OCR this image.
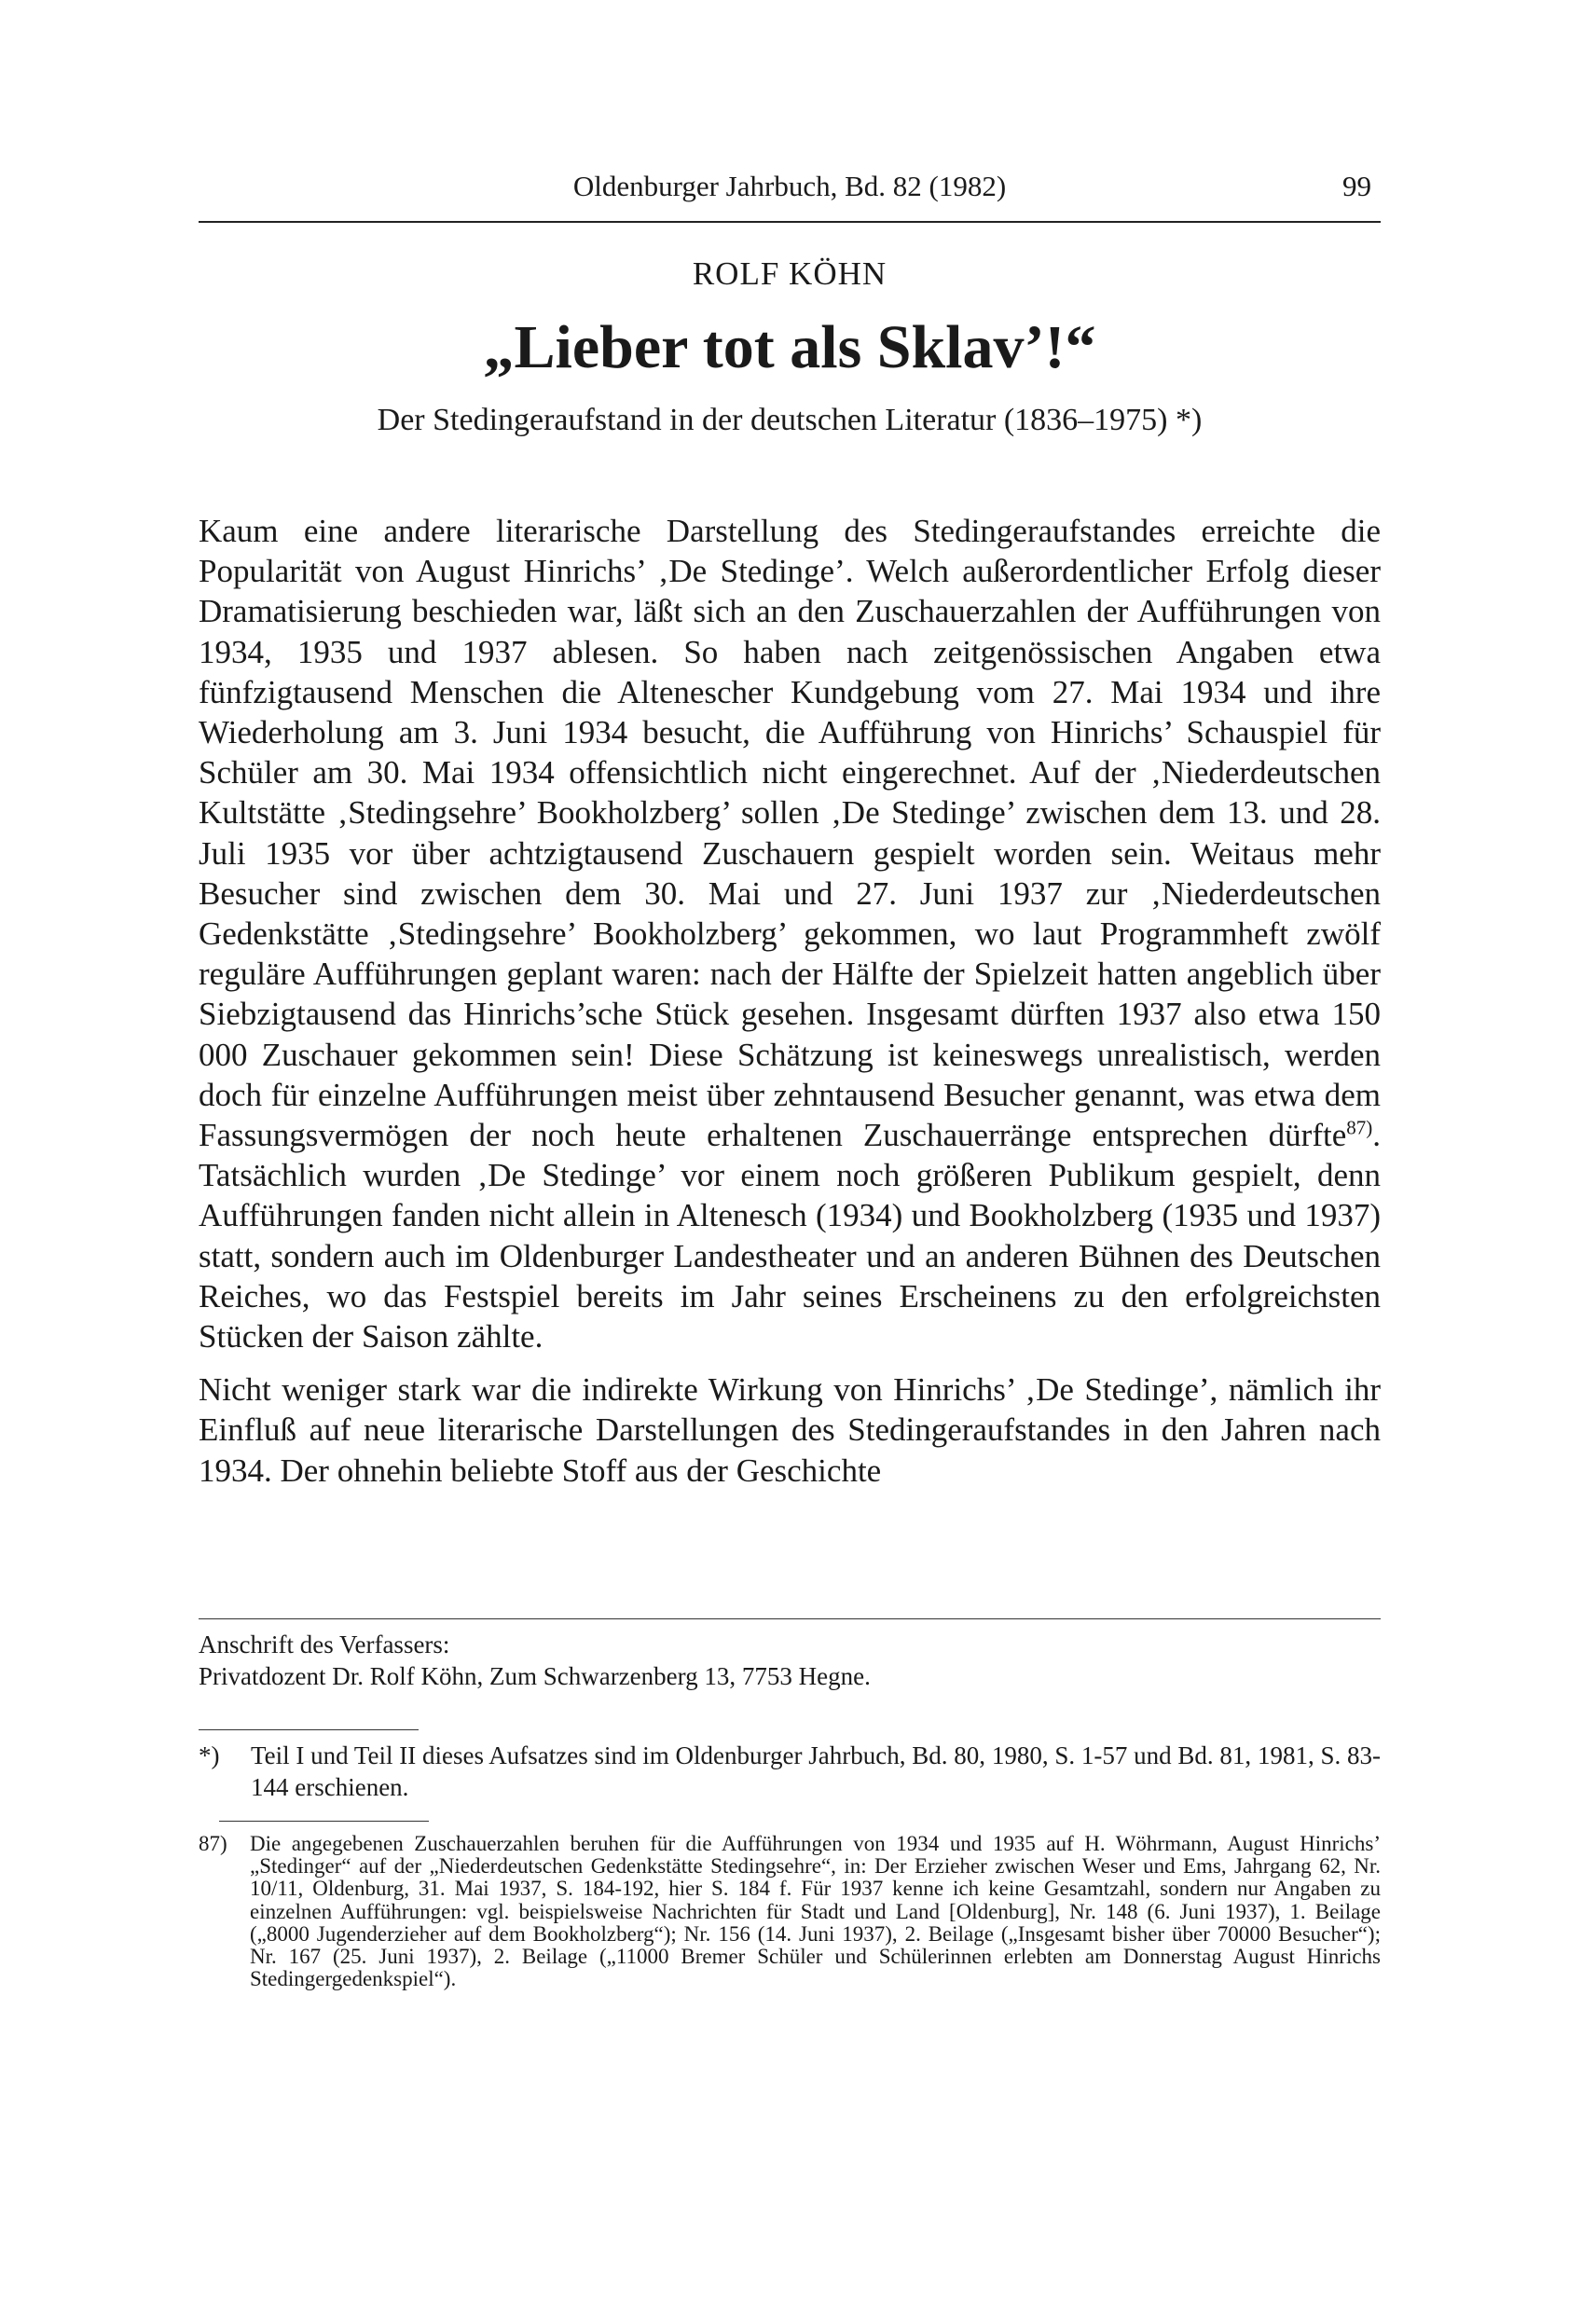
Oldenburger Jahrbuch, Bd. 82 (1982)	99
ROLF KÖHN
„Lieber tot als Sklav’!“
Der Stedingeraufstand in der deutschen Literatur (1836–1975) *)

Kaum eine andere literarische Darstellung des Stedingeraufstandes erreichte die Popularität von August Hinrichs’ ‚De Stedinge’. Welch außerordentlicher Erfolg dieser Dramatisierung beschieden war, läßt sich an den Zuschauerzahlen der Aufführungen von 1934, 1935 und 1937 ablesen. So haben nach zeitgenössischen Angaben etwa fünfzigtausend Menschen die Altenescher Kundgebung vom 27. Mai 1934 und ihre Wiederholung am 3. Juni 1934 besucht, die Aufführung von Hinrichs’ Schauspiel für Schüler am 30. Mai 1934 offensichtlich nicht eingerechnet. Auf der ‚Niederdeutschen Kultstätte ‚Stedingsehre’ Bookholzberg’ sollen ‚De Stedinge’ zwischen dem 13. und 28. Juli 1935 vor über achtzigtausend Zuschauern gespielt worden sein. Weitaus mehr Besucher sind zwischen dem 30. Mai und 27. Juni 1937 zur ‚Niederdeutschen Gedenkstätte ‚Stedingsehre’ Bookholzberg’ gekommen, wo laut Programmheft zwölf reguläre Aufführungen geplant waren: nach der Hälfte der Spielzeit hatten angeblich über Siebzigtausend das Hinrichs’sche Stück gesehen. Insgesamt dürften 1937 also etwa 150 000 Zuschauer gekommen sein! Diese Schätzung ist keineswegs unrealistisch, werden doch für einzelne Aufführungen meist über zehntausend Besucher genannt, was etwa dem Fassungsvermögen der noch heute erhaltenen Zuschauerränge entsprechen dürfte$^{87)}$. Tatsächlich wurden ‚De Stedinge’ vor einem noch größeren Publikum gespielt, denn Aufführungen fanden nicht allein in Altenesch (1934) und Bookholzberg (1935 und 1937) statt, sondern auch im Oldenburger Landestheater und an anderen Bühnen des Deutschen Reiches, wo das Festspiel bereits im Jahr seines Erscheinens zu den erfolgreichsten Stücken der Saison zählte.

Nicht weniger stark war die indirekte Wirkung von Hinrichs’ ‚De Stedinge’, nämlich ihr Einfluß auf neue literarische Darstellungen des Stedingeraufstandes in den Jahren nach 1934. Der ohnehin beliebte Stoff aus der Geschichte

Anschrift des Verfassers:
Privatdozent Dr. Rolf Köhn, Zum Schwarzenberg 13, 7753 Hegne.
*)	Teil I und Teil II dieses Aufsatzes sind im Oldenburger Jahrbuch, Bd. 80, 1980, S. 1-57 und Bd. 81, 1981, S. 83-144 erschienen.
87)	Die angegebenen Zuschauerzahlen beruhen für die Aufführungen von 1934 und 1935 auf H. Wöhrmann, August Hinrichs’ „Stedinger“ auf der „Niederdeutschen Gedenkstätte Stedingsehre“, in: Der Erzieher zwischen Weser und Ems, Jahrgang 62, Nr. 10/11, Oldenburg, 31. Mai 1937, S. 184-192, hier S. 184 f. Für 1937 kenne ich keine Gesamtzahl, sondern nur Angaben zu einzelnen Aufführungen: vgl. beispielsweise Nachrichten für Stadt und Land [Oldenburg], Nr. 148 (6. Juni 1937), 1. Beilage („8000 Jugenderzieher auf dem Bookholzberg“); Nr. 156 (14. Juni 1937), 2. Beilage („Insgesamt bisher über 70000 Besucher“); Nr. 167 (25. Juni 1937), 2. Beilage („11000 Bremer Schüler und Schülerinnen erlebten am Donnerstag August Hinrichs Stedingergedenkspiel“).
